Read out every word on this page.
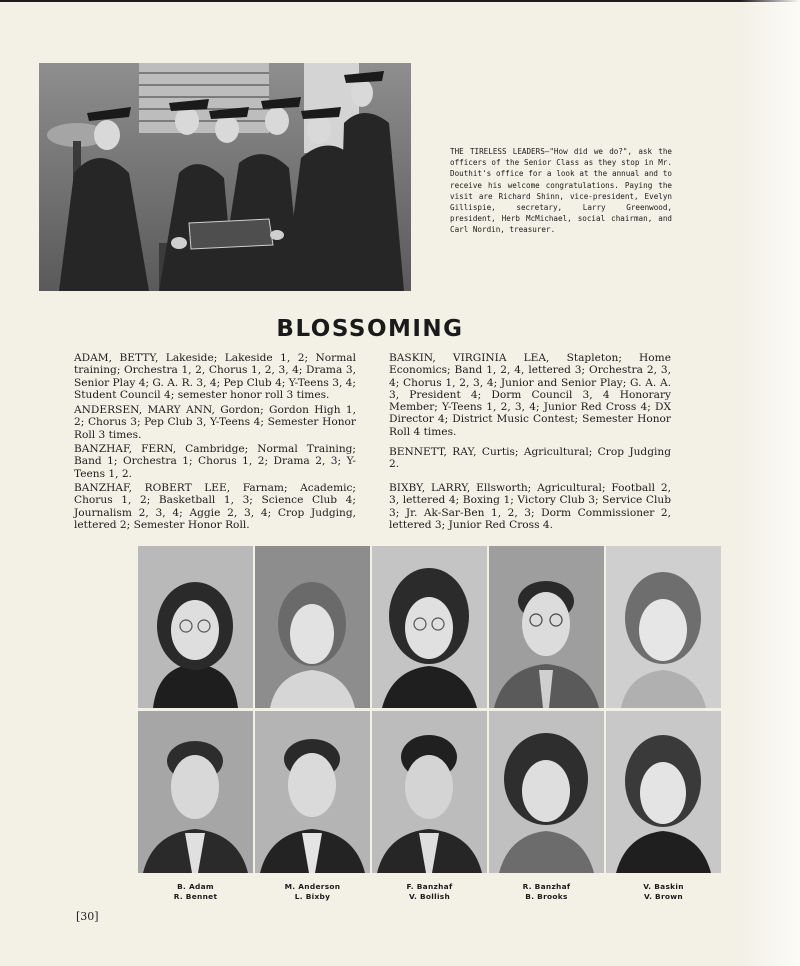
THE TIRELESS LEADERS—"How did we do?", ask the officers of the Senior Class as they stop in Mr. Douthit's office for a look at the annual and to receive his welcome congratulations. Paying the visit are Richard Shinn, vice-president, Evelyn Gillispie, secretary, Larry Greenwood, president, Herb McMichael, social chairman, and Carl Nordin, treasurer.

BLOSSOMING

ADAM, BETTY, Lakeside; Lakeside 1, 2; Normal training; Orchestra 1, 2, Chorus 1, 2, 3, 4; Drama 3, Senior Play 4; G. A. R. 3, 4; Pep Club 4; Y-Teens 3, 4; Student Council 4; semester honor roll 3 times.

ANDERSEN, MARY ANN, Gordon; Gordon High 1, 2; Chorus 3; Pep Club 3, Y-Teens 4; Semester Honor Roll 3 times.

BANZHAF, FERN, Cambridge; Normal Training; Band 1; Orchestra 1; Chorus 1, 2; Drama 2, 3; Y-Teens 1, 2.

BANZHAF, ROBERT LEE, Farnam; Academic; Chorus 1, 2; Basketball 1, 3; Science Club 4; Journalism 2, 3, 4; Aggie 2, 3, 4; Crop Judging, lettered 2; Semester Honor Roll.

BASKIN, VIRGINIA LEA, Stapleton; Home Economics; Band 1, 2, 4, lettered 3; Orchestra 2, 3, 4; Chorus 1, 2, 3, 4; Junior and Senior Play; G. A. A. 3, President 4; Dorm Council 3, 4 Honorary Member; Y-Teens 1, 2, 3, 4; Junior Red Cross 4; DX Director 4; District Music Contest; Semester Honor Roll 4 times.

BENNETT, RAY, Curtis; Agricultural; Crop Judging 2.

BIXBY, LARRY, Ellsworth; Agricultural; Football 2, 3, lettered 4; Boxing 1; Victory Club 3; Service Club 3; Jr. Ak-Sar-Ben 1, 2, 3; Dorm Commissioner 2, lettered 3; Junior Red Cross 4.

B. Adam
R. Bennet
M. Anderson
L. Bixby
F. Banzhaf
V. Bollish
R. Banzhaf
B. Brooks
V. Baskin
V. Brown

[30]
